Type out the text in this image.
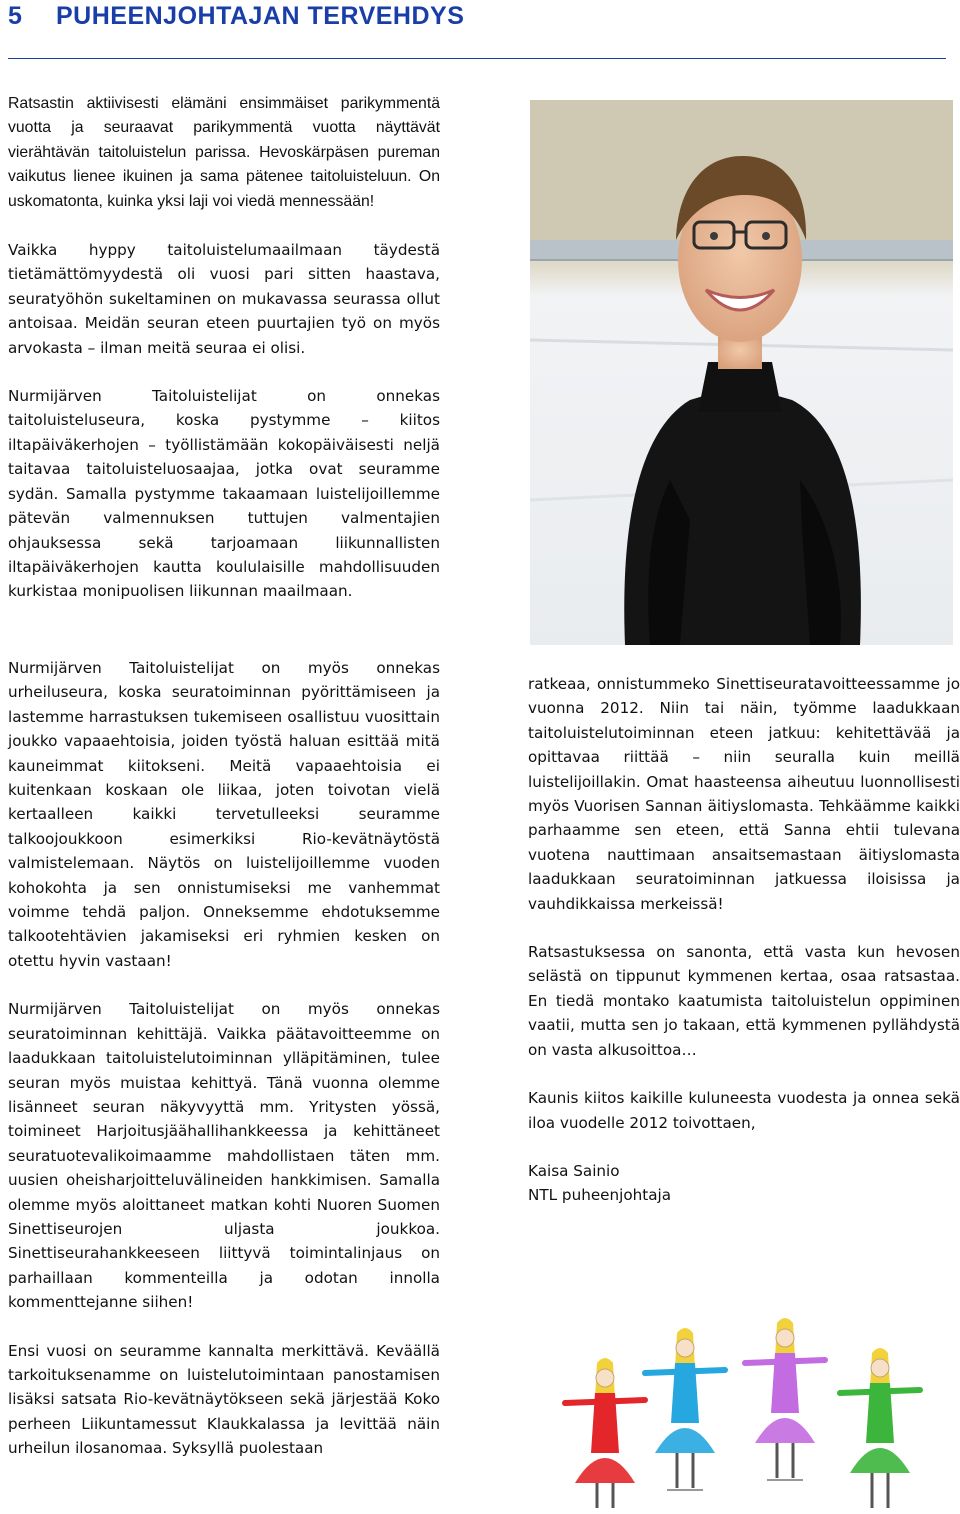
5 PUHEENJOHTAJAN TERVEHDYS

Ratsastin aktiivisesti elämäni ensimmäiset parikymmentä vuotta ja seuraavat parikymmentä vuotta näyttävät vierähtävän taitoluistelun parissa. Hevoskärpäsen pureman vaikutus lienee ikuinen ja sama pätenee taitoluisteluun. On uskomatonta, kuinka yksi laji voi viedä mennessään!

Vaikka hyppy taitoluistelumaailmaan täydestä tietämättömyydestä oli vuosi pari sitten haastava, seuratyöhön sukeltaminen on mukavassa seurassa ollut antoisaa. Meidän seuran eteen puurtajien työ on myös arvokasta – ilman meitä seuraa ei olisi.

Nurmijärven Taitoluistelijat on onnekas taitoluisteluseura, koska pystymme – kiitos iltapäiväkerhojen – työllistämään kokopäiväisesti neljä taitavaa taitoluisteluosaajaa, jotka ovat seuramme sydän. Samalla pystymme takaamaan luistelijoillemme pätevän valmennuksen tuttujen valmentajien ohjauksessa sekä tarjoamaan liikunnallisten iltapäiväkerhojen kautta koululaisille mahdollisuuden kurkistaa monipuolisen liikunnan maailmaan.

Nurmijärven Taitoluistelijat on myös onnekas urheiluseura, koska seuratoiminnan pyörittämiseen ja lastemme harrastuksen tukemiseen osallistuu vuosittain joukko vapaaehtoisia, joiden työstä haluan esittää mitä kauneimmat kiitokseni. Meitä vapaaehtoisia ei kuitenkaan koskaan ole liikaa, joten toivotan vielä kertaalleen kaikki tervetulleeksi seuramme talkoojoukkoon esimerkiksi Rio-kevätnäytöstä valmistelemaan. Näytös on luistelijoillemme vuoden kohokohta ja sen onnistumiseksi me vanhemmat voimme tehdä paljon. Onneksemme ehdotuksemme talkootehtävien jakamiseksi eri ryhmien kesken on otettu hyvin vastaan!

Nurmijärven Taitoluistelijat on myös onnekas seuratoiminnan kehittäjä. Vaikka päätavoitteemme on laadukkaan taitoluistelutoiminnan ylläpitäminen, tulee seuran myös muistaa kehittyä. Tänä vuonna olemme lisänneet seuran näkyvyyttä mm. Yritysten yössä, toimineet Harjoitusjäähallihankkeessa ja kehittäneet seuratuotevalikoimaamme mahdollistaen täten mm. uusien oheisharjoitteluvälineiden hankkimisen. Samalla olemme myös aloittaneet matkan kohti Nuoren Suomen Sinettiseurojen uljasta joukkoa. Sinettiseurahankkeeseen liittyvä toimintalinjaus on parhaillaan kommenteilla ja odotan innolla kommenttejanne siihen!

Ensi vuosi on seuramme kannalta merkittävä. Keväällä tarkoituksenamme on luistelutoimintaan panostamisen lisäksi satsata Rio-kevätnäytökseen sekä järjestää Koko perheen Liikuntamessut Klaukkalassa ja levittää näin urheilun ilosanomaa. Syksyllä puolestaan

ratkeaa, onnistummeko Sinettiseuratavoitteessamme jo vuonna 2012. Niin tai näin, työmme laadukkaan taitoluistelutoiminnan eteen jatkuu: kehitettävää ja opittavaa riittää – niin seuralla kuin meillä luistelijoillakin. Omat haasteensa aiheutuu luonnollisesti myös Vuorisen Sannan äitiyslomasta. Tehkäämme kaikki parhaamme sen eteen, että Sanna ehtii tulevana vuotena nauttimaan ansaitsemastaan äitiyslomasta laadukkaan seuratoiminnan jatkuessa iloisissa ja vauhdikkaissa merkeissä!

Ratsastuksessa on sanonta, että vasta kun hevosen selästä on tippunut kymmenen kertaa, osaa ratsastaa. En tiedä montako kaatumista taitoluistelun oppiminen vaatii, mutta sen jo takaan, että kymmenen pyllähdystä on vasta alkusoittoa…

Kaunis kiitos kaikille kuluneesta vuodesta ja onnea sekä iloa vuodelle 2012 toivottaen,

Kaisa Sainio

NTL puheenjohtaja
